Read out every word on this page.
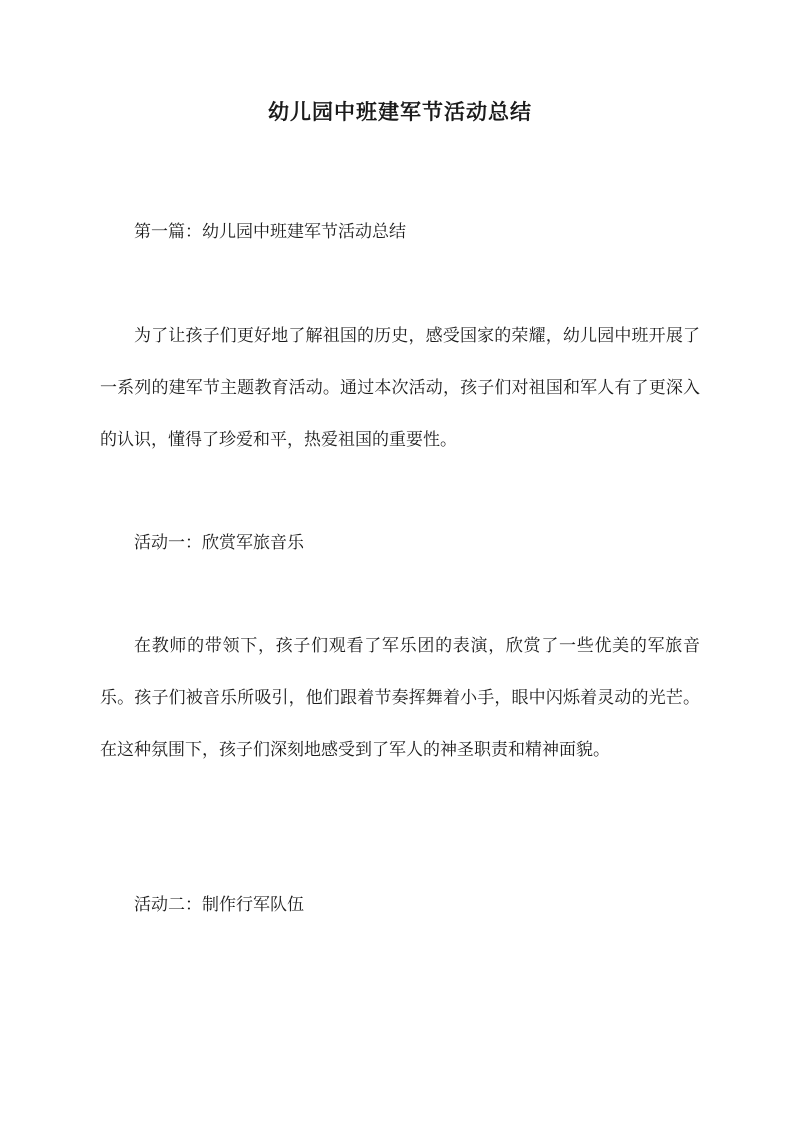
幼儿园中班建军节活动总结

第一篇：幼儿园中班建军节活动总结

为了让孩子们更好地了解祖国的历史，感受国家的荣耀，幼儿园中班开展了一系列的建军节主题教育活动。通过本次活动，孩子们对祖国和军人有了更深入的认识，懂得了珍爱和平，热爱祖国的重要性。

活动一：欣赏军旅音乐

在教师的带领下，孩子们观看了军乐团的表演，欣赏了一些优美的军旅音乐。孩子们被音乐所吸引，他们跟着节奏挥舞着小手，眼中闪烁着灵动的光芒。在这种氛围下，孩子们深刻地感受到了军人的神圣职责和精神面貌。

活动二：制作行军队伍
